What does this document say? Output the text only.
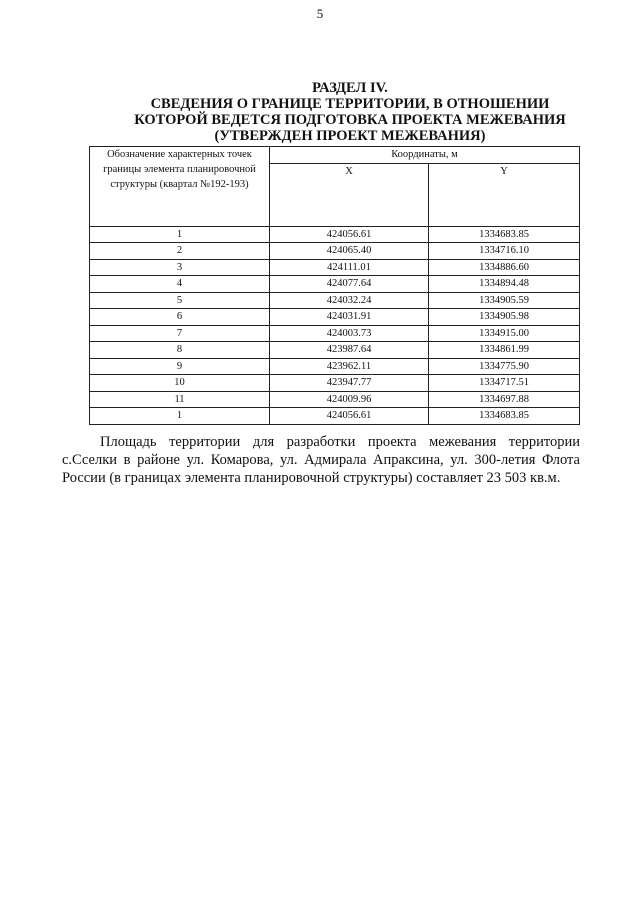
5
РАЗДЕЛ IV.
СВЕДЕНИЯ О ГРАНИЦЕ ТЕРРИТОРИИ, В ОТНОШЕНИИ
КОТОРОЙ ВЕДЕТСЯ ПОДГОТОВКА ПРОЕКТА МЕЖЕВАНИЯ
(УТВЕРЖДЕН ПРОЕКТ МЕЖЕВАНИЯ)
Обозначение характерных точек границы элемента планировочной структуры (квартал №192-193)	Координаты, м	
	X	Y
1	424056.61	1334683.85
2	424065.40	1334716.10
3	424111.01	1334886.60
4	424077.64	1334894.48
5	424032.24	1334905.59
6	424031.91	1334905.98
7	424003.73	1334915.00
8	423987.64	1334861.99
9	423962.11	1334775.90
10	423947.77	1334717.51
11	424009.96	1334697.88
1	424056.61	1334683.85

Площадь территории для разработки проекта межевания территории с.Сселки в районе ул. Комарова, ул. Адмирала Апраксина, ул. 300-летия Флота России (в границах элемента планировочной структуры) составляет 23 503 кв.м.
